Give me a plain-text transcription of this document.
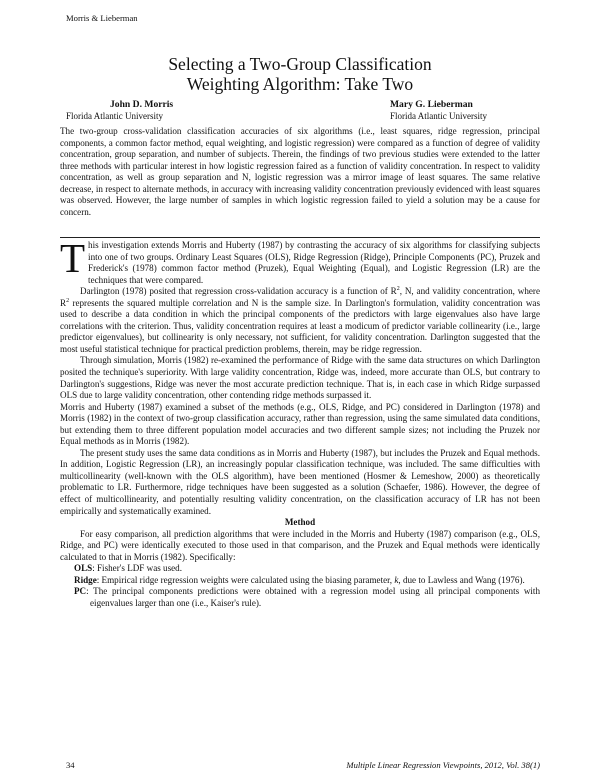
Morris & Lieberman
Selecting a Two-Group Classification
Weighting Algorithm: Take Two
John D. Morris
Florida Atlantic University
Mary G. Lieberman
Florida Atlantic University
The two-group cross-validation classification accuracies of six algorithms (i.e., least squares, ridge regression, principal components, a common factor method, equal weighting, and logistic regression) were compared as a function of degree of validity concentration, group separation, and number of subjects. Therein, the findings of two previous studies were extended to the latter three methods with particular interest in how logistic regression faired as a function of validity concentration. In respect to validity concentration, as well as group separation and N, logistic regression was a mirror image of least squares. The same relative decrease, in respect to alternate methods, in accuracy with increasing validity concentration previously evidenced with least squares was observed. However, the large number of samples in which logistic regression failed to yield a solution may be a cause for concern.

This investigation extends Morris and Huberty (1987) by contrasting the accuracy of six algorithms for classifying subjects into one of two groups. Ordinary Least Squares (OLS), Ridge Regression (Ridge), Principle Components (PC), Pruzek and Frederick's (1978) common factor method (Pruzek), Equal Weighting (Equal), and Logistic Regression (LR) are the techniques that were compared.

Darlington (1978) posited that regression cross-validation accuracy is a function of $R^2$, N, and validity concentration, where $R^2$ represents the squared multiple correlation and N is the sample size. In Darlington's formulation, validity concentration was used to describe a data condition in which the principal components of the predictors with large eigenvalues also have large correlations with the criterion. Thus, validity concentration requires at least a modicum of predictor variable collinearity (i.e., large predictor eigenvalues), but collinearity is only necessary, not sufficient, for validity concentration. Darlington suggested that the most useful statistical technique for practical prediction problems, therein, may be ridge regression.

Through simulation, Morris (1982) re-examined the performance of Ridge with the same data structures on which Darlington posited the technique's superiority. With large validity concentration, Ridge was, indeed, more accurate than OLS, but contrary to Darlington's suggestions, Ridge was never the most accurate prediction technique. That is, in each case in which Ridge surpassed OLS due to large validity concentration, other contending ridge methods surpassed it.

Morris and Huberty (1987) examined a subset of the methods (e.g., OLS, Ridge, and PC) considered in Darlington (1978) and Morris (1982) in the context of two-group classification accuracy, rather than regression, using the same simulated data conditions, but extending them to three different population model accuracies and two different sample sizes; not including the Pruzek nor Equal methods as in Morris (1982).

The present study uses the same data conditions as in Morris and Huberty (1987), but includes the Pruzek and Equal methods. In addition, Logistic Regression (LR), an increasingly popular classification technique, was included. The same difficulties with multicollinearity (well-known with the OLS algorithm), have been mentioned (Hosmer & Lemeshow, 2000) as theoretically problematic to LR. Furthermore, ridge techniques have been suggested as a solution (Schaefer, 1986). However, the degree of effect of multicollinearity, and potentially resulting validity concentration, on the classification accuracy of LR has not been empirically and systematically examined.

Method

For easy comparison, all prediction algorithms that were included in the Morris and Huberty (1987) comparison (e.g., OLS, Ridge, and PC) were identically executed to those used in that comparison, and the Pruzek and Equal methods were identically calculated to that in Morris (1982). Specifically:

OLS: Fisher's LDF was used.

Ridge: Empirical ridge regression weights were calculated using the biasing parameter, k, due to Lawless and Wang (1976).

PC: The principal components predictions were obtained with a regression model using all principal components with eigenvalues larger than one (i.e., Kaiser's rule).

34	Multiple Linear Regression Viewpoints, 2012, Vol. 38(1)
